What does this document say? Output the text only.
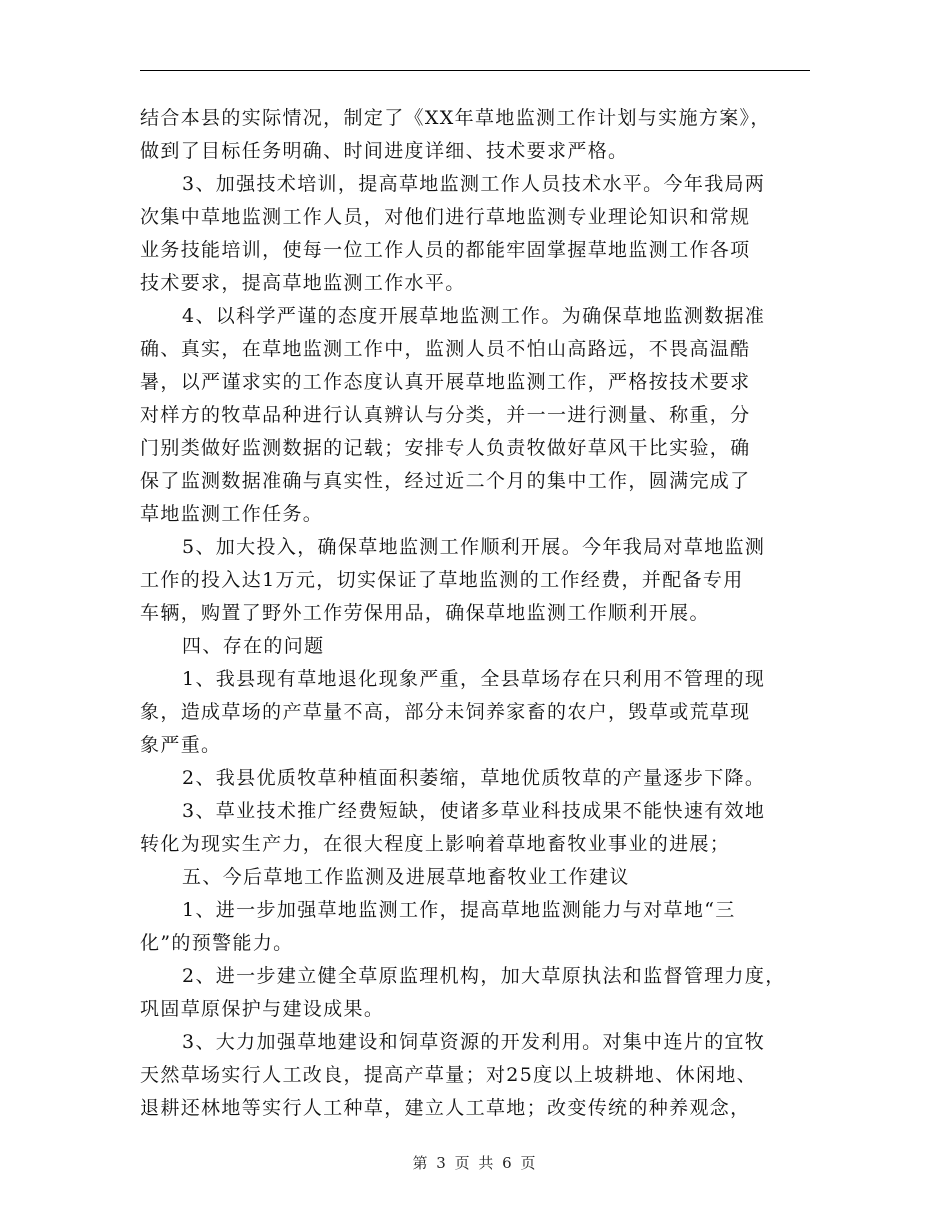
结合本县的实际情况，制定了《XX年草地监测工作计划与实施方案》，

做到了目标任务明确、时间进度详细、技术要求严格。

3、加强技术培训，提高草地监测工作人员技术水平。今年我局两

次集中草地监测工作人员，对他们进行草地监测专业理论知识和常规

业务技能培训，使每一位工作人员的都能牢固掌握草地监测工作各项

技术要求，提高草地监测工作水平。

4、以科学严谨的态度开展草地监测工作。为确保草地监测数据准

确、真实，在草地监测工作中，监测人员不怕山高路远，不畏高温酷

暑，以严谨求实的工作态度认真开展草地监测工作，严格按技术要求

对样方的牧草品种进行认真辨认与分类，并一一进行测量、称重，分

门别类做好监测数据的记载；安排专人负责牧做好草风干比实验，确

保了监测数据准确与真实性，经过近二个月的集中工作，圆满完成了

草地监测工作任务。

5、加大投入，确保草地监测工作顺利开展。今年我局对草地监测

工作的投入达1万元，切实保证了草地监测的工作经费，并配备专用

车辆，购置了野外工作劳保用品，确保草地监测工作顺利开展。

四、存在的问题

1、我县现有草地退化现象严重，全县草场存在只利用不管理的现

象，造成草场的产草量不高，部分未饲养家畜的农户，毁草或荒草现

象严重。

2、我县优质牧草种植面积萎缩，草地优质牧草的产量逐步下降。

3、草业技术推广经费短缺，使诸多草业科技成果不能快速有效地

转化为现实生产力，在很大程度上影响着草地畜牧业事业的进展；

五、今后草地工作监测及进展草地畜牧业工作建议

1、进一步加强草地监测工作，提高草地监测能力与对草地“三

化”的预警能力。

2、进一步建立健全草原监理机构，加大草原执法和监督管理力度，

巩固草原保护与建设成果。

3、大力加强草地建设和饲草资源的开发利用。对集中连片的宜牧

天然草场实行人工改良，提高产草量；对25度以上坡耕地、休闲地、

退耕还林地等实行人工种草，建立人工草地；改变传统的种养观念，

第 3 页 共 6 页
